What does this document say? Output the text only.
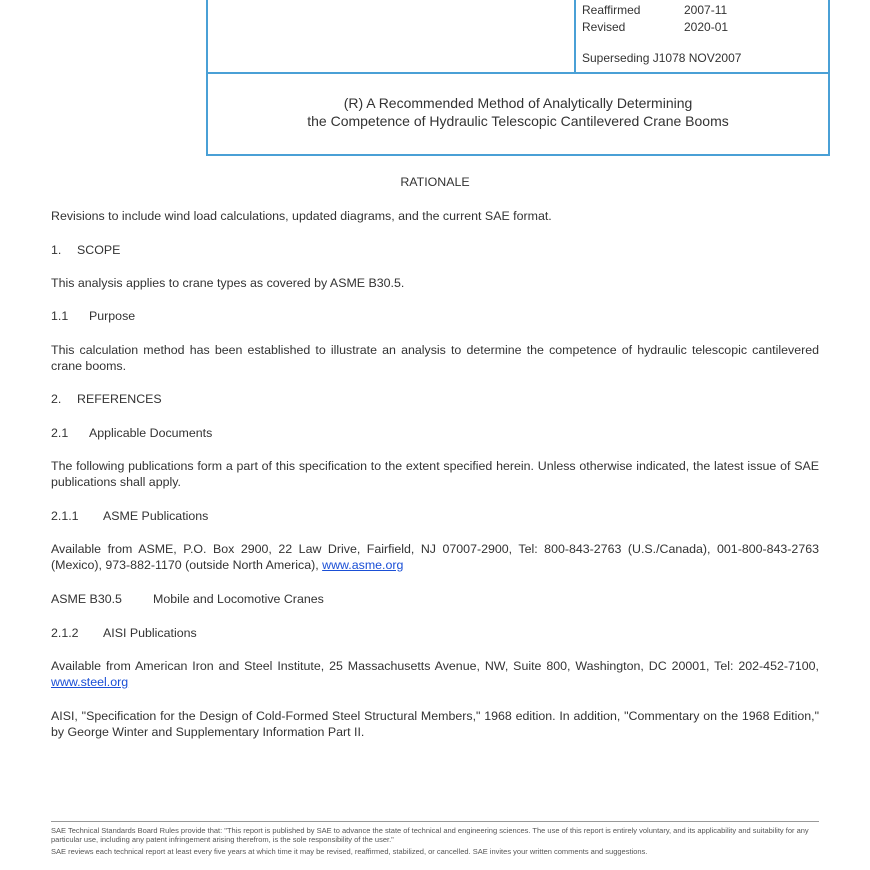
Reaffirmed	2007-11
Revised	2020-01
Superseding J1078 NOV2007
(R) A Recommended Method of Analytically Determining
the Competence of Hydraulic Telescopic Cantilevered Crane Booms
RATIONALE

Revisions to include wind load calculations, updated diagrams, and the current SAE format.

1. SCOPE

This analysis applies to crane types as covered by ASME B30.5.

1.1 Purpose

This calculation method has been established to illustrate an analysis to determine the competence of hydraulic telescopic cantilevered crane booms.

2. REFERENCES

2.1 Applicable Documents

The following publications form a part of this specification to the extent specified herein. Unless otherwise indicated, the latest issue of SAE publications shall apply.

2.1.1 ASME Publications

Available from ASME, P.O. Box 2900, 22 Law Drive, Fairfield, NJ 07007-2900, Tel: 800-843-2763 (U.S./Canada), 001-800-843-2763 (Mexico), 973-882-1170 (outside North America), www.asme.org

ASME B30.5	Mobile and Locomotive Cranes

2.1.2 AISI Publications

Available from American Iron and Steel Institute, 25 Massachusetts Avenue, NW, Suite 800, Washington, DC 20001, Tel: 202-452-7100, www.steel.org

AISI, "Specification for the Design of Cold-Formed Steel Structural Members," 1968 edition. In addition, "Commentary on the 1968 Edition," by George Winter and Supplementary Information Part II.

SAE Technical Standards Board Rules provide that: "This report is published by SAE to advance the state of technical and engineering sciences. The use of this report is entirely voluntary, and its applicability and suitability for any particular use, including any patent infringement arising therefrom, is the sole responsibility of the user."

SAE reviews each technical report at least every five years at which time it may be revised, reaffirmed, stabilized, or cancelled. SAE invites your written comments and suggestions.
